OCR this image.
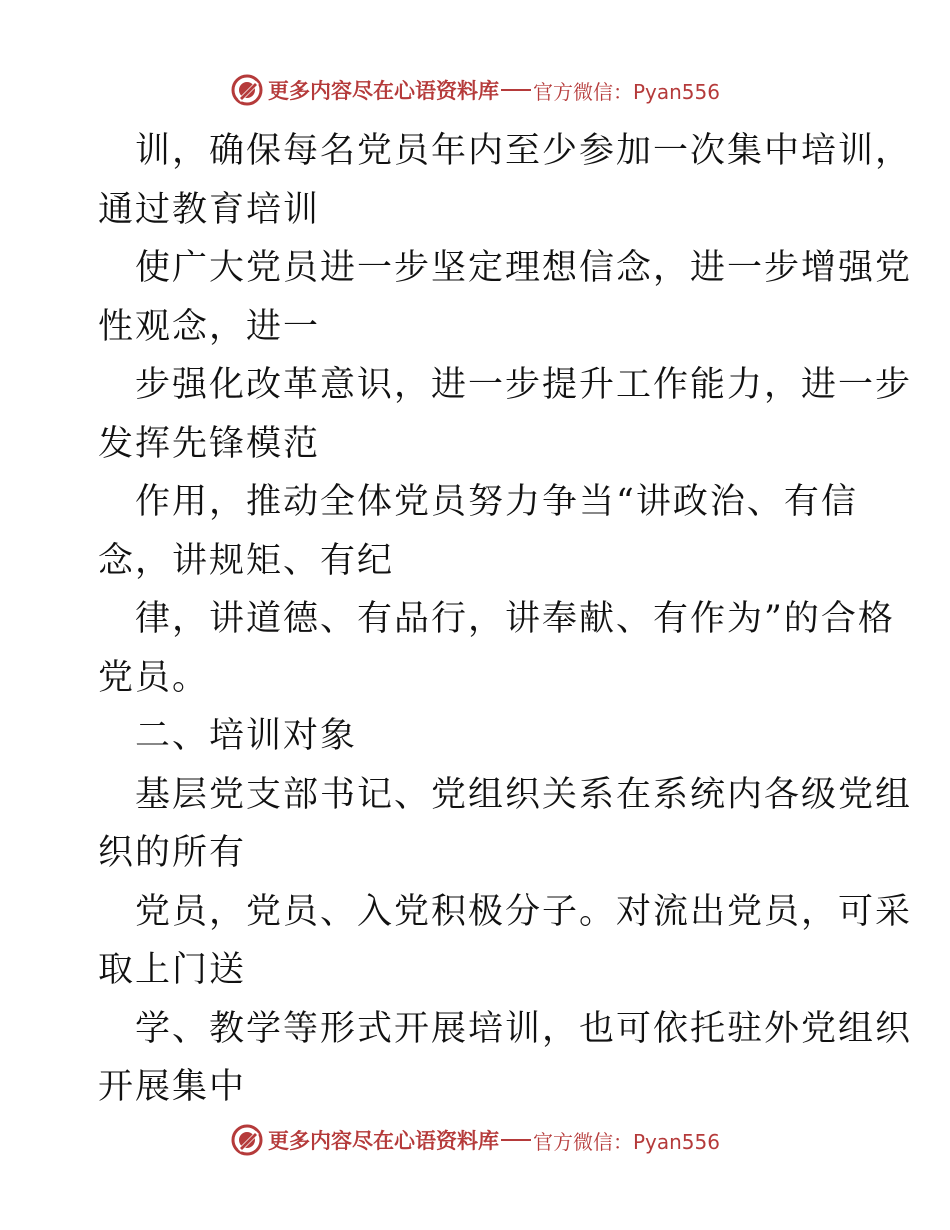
更多内容尽在心语资料库 官方微信：Pyan556

训，确保每名党员年内至少参加一次集中培训，

通过教育培训

使广大党员进一步坚定理想信念，进一步增强党

性观念，进一

步强化改革意识，进一步提升工作能力，进一步

发挥先锋模范

作用，推动全体党员努力争当“讲政治、有信

念，讲规矩、有纪

律，讲道德、有品行，讲奉献、有作为”的合格

党员。

二、培训对象

基层党支部书记、党组织关系在系统内各级党组

织的所有

党员，党员、入党积极分子。对流出党员，可采

取上门送

学、教学等形式开展培训，也可依托驻外党组织

开展集中

更多内容尽在心语资料库 官方微信：Pyan556
